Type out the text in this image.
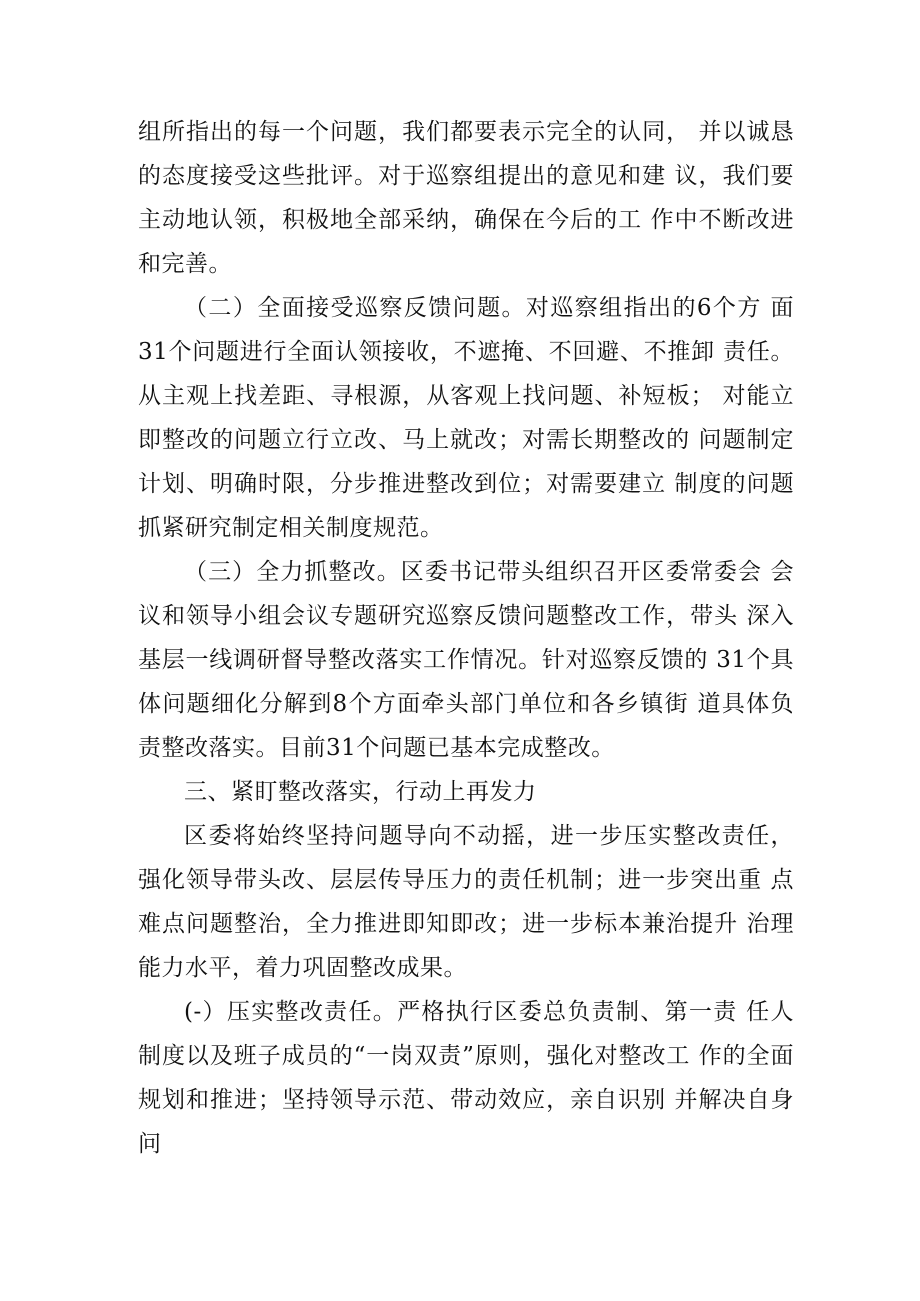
组所指出的每一个问题，我们都要表示完全的认同， 并以诚恳的态度接受这些批评。对于巡察组提出的意见和建 议，我们要主动地认领，积极地全部采纳，确保在今后的工 作中不断改进和完善。

（二）全面接受巡察反馈问题。对巡察组指出的6个方 面31个问题进行全面认领接收，不遮掩、不回避、不推卸 责任。从主观上找差距、寻根源，从客观上找问题、补短板； 对能立即整改的问题立行立改、马上就改；对需长期整改的 问题制定计划、明确时限，分步推进整改到位；对需要建立 制度的问题抓紧研究制定相关制度规范。

（三）全力抓整改。区委书记带头组织召开区委常委会 会议和领导小组会议专题研究巡察反馈问题整改工作，带头 深入基层一线调研督导整改落实工作情况。针对巡察反馈的 31个具体问题细化分解到8个方面牵头部门单位和各乡镇街 道具体负责整改落实。目前31个问题已基本完成整改。

三、紧盯整改落实，行动上再发力

区委将始终坚持问题导向不动摇，进一步压实整改责任，强化领导带头改、层层传导压力的责任机制；进一步突出重 点难点问题整治，全力推进即知即改；进一步标本兼治提升 治理能力水平，着力巩固整改成果。

(-）压实整改责任。严格执行区委总负责制、第一责 任人制度以及班子成员的“一岗双责”原则，强化对整改工 作的全面规划和推进；坚持领导示范、带动效应，亲自识别 并解决自身问
